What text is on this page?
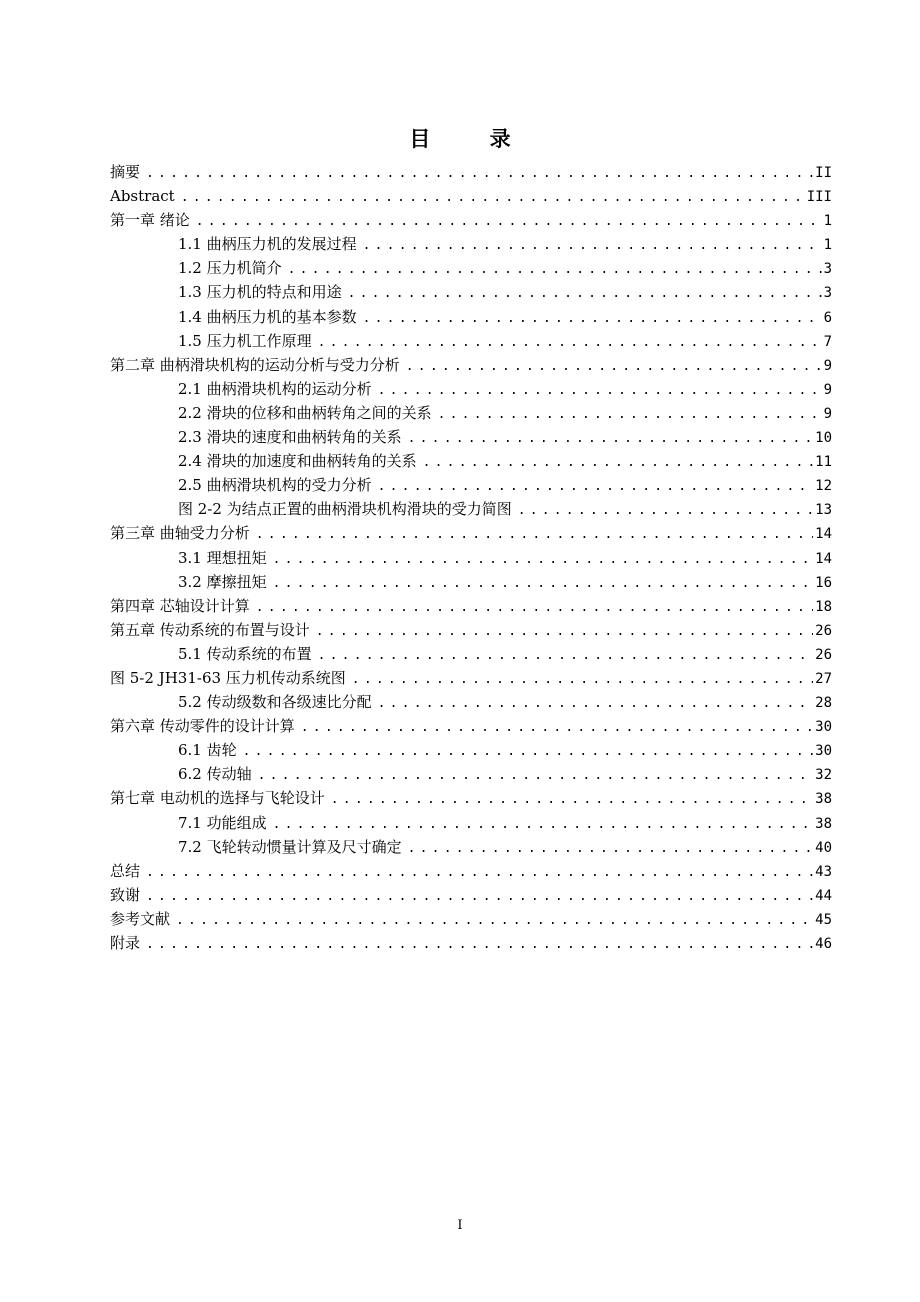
目 录
摘要 .....	II
Abstract .....	III
第一章 绪论 .....	1
1.1 曲柄压力机的发展过程 .....	1
1.2 压力机简介 .....	3
1.3 压力机的特点和用途 .....	3
1.4 曲柄压力机的基本参数 .....	6
1.5 压力机工作原理 .....	7
第二章 曲柄滑块机构的运动分析与受力分析 .....	9
2.1 曲柄滑块机构的运动分析 .....	9
2.2 滑块的位移和曲柄转角之间的关系 .....	9
2.3 滑块的速度和曲柄转角的关系 .....	10
2.4 滑块的加速度和曲柄转角的关系 .....	11
2.5 曲柄滑块机构的受力分析 .....	12
图 2-2 为结点正置的曲柄滑块机构滑块的受力简图 .....	13
第三章 曲轴受力分析 .....	14
3.1 理想扭矩 .....	14
3.2 摩擦扭矩 .....	16
第四章 芯轴设计计算 .....	18
第五章 传动系统的布置与设计 .....	26
5.1 传动系统的布置 .....	26
图 5-2 JH31-63 压力机传动系统图 .....	27
5.2 传动级数和各级速比分配 .....	28
第六章 传动零件的设计计算 .....	30
6.1 齿轮 .....	30
6.2 传动轴 .....	32
第七章 电动机的选择与飞轮设计 .....	38
7.1 功能组成 .....	38
7.2 飞轮转动惯量计算及尺寸确定 .....	40
总结 .....	43
致谢 .....	44
参考文献 .....	45
附录 .....	46
I
